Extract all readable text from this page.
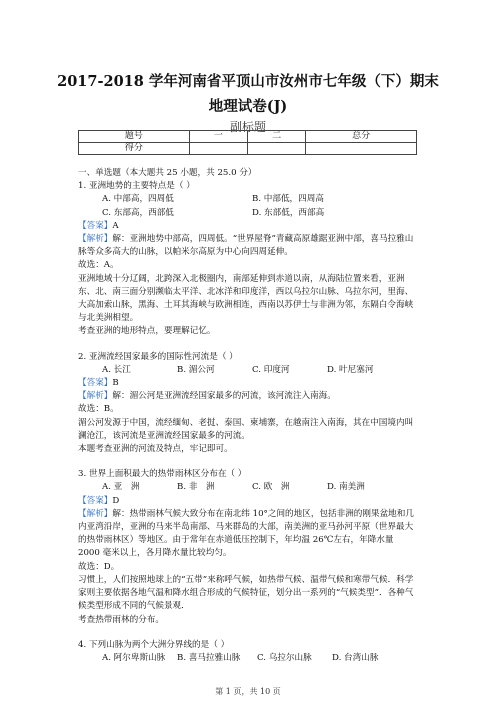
2017-2018 学年河南省平顶山市汝州市七年级（下）期末
地理试卷(J)
副标题
题号	一	二	总分
得分			
一、单选题（本大题共 25 小题，共 25.0 分）
1. 亚洲地势的主要特点是（ ）
A. 中部高，四周低	B. 中部低，四周高
C. 东部高，西部低	D. 东部低，西部高
【答案】A
【解析】解：亚洲地势中部高，四周低。“世界屋脊”青藏高原雄踞亚洲中部，喜马拉雅山脉等众多高大的山脉，以帕米尔高原为中心向四周延伸。
故选：A。
亚洲地域十分辽阔，北跨深入北极圈内，南部延伸到赤道以南，从海陆位置来看，亚洲东、北、南三面分别濒临太平洋、北冰洋和印度洋，西以乌拉尔山脉、乌拉尔河，里海、大高加索山脉，黑海、土耳其海峡与欧洲相连，西南以苏伊士与非洲为邻，东隔白令海峡与北美洲相望。
考查亚洲的地形特点，要理解记忆。
2. 亚洲流经国家最多的国际性河流是（ ）
A. 长江	B. 湄公河	C. 印度河	D. 叶尼塞河
【答案】B
【解析】解：湄公河是亚洲流经国家最多的河流，该河流注入南海。
故选：B。
湄公河发源于中国，流经缅甸、老挝、泰国、柬埔寨，在越南注入南海，其在中国境内叫澜沧江，该河流是亚洲流经国家最多的河流。
本题考查亚洲的河流及特点，牢记即可。
3. 世界上面积最大的热带雨林区分布在（ ）
A. 亚　洲	B. 非　洲	C. 欧　洲	D. 南美洲
【答案】D
【解析】解：热带雨林气候大致分布在南北纬 10°之间的地区，包括非洲的刚果盆地和几内亚湾沿岸，亚洲的马来半岛南部、马来群岛的大部，南美洲的亚马孙河平原（世界最大的热带雨林区）等地区。由于常年在赤道低压控制下，年均温 26℃左右，年降水量 2000 毫米以上，各月降水量比较均匀。
故选：D。
习惯上，人们按照地球上的“五带”来称呼气候，如热带气候、温带气候和寒带气候．科学家则主要依据各地气温和降水组合形成的气候特征，划分出一系列的“气候类型”．各种气候类型形成不同的气候景观．
考查热带雨林的分布。
4. 下列山脉为两个大洲分界线的是（ ）
A. 阿尔卑斯山脉	B. 喜马拉雅山脉	C. 乌拉尔山脉	D. 台湾山脉
第 1 页，共 10 页
